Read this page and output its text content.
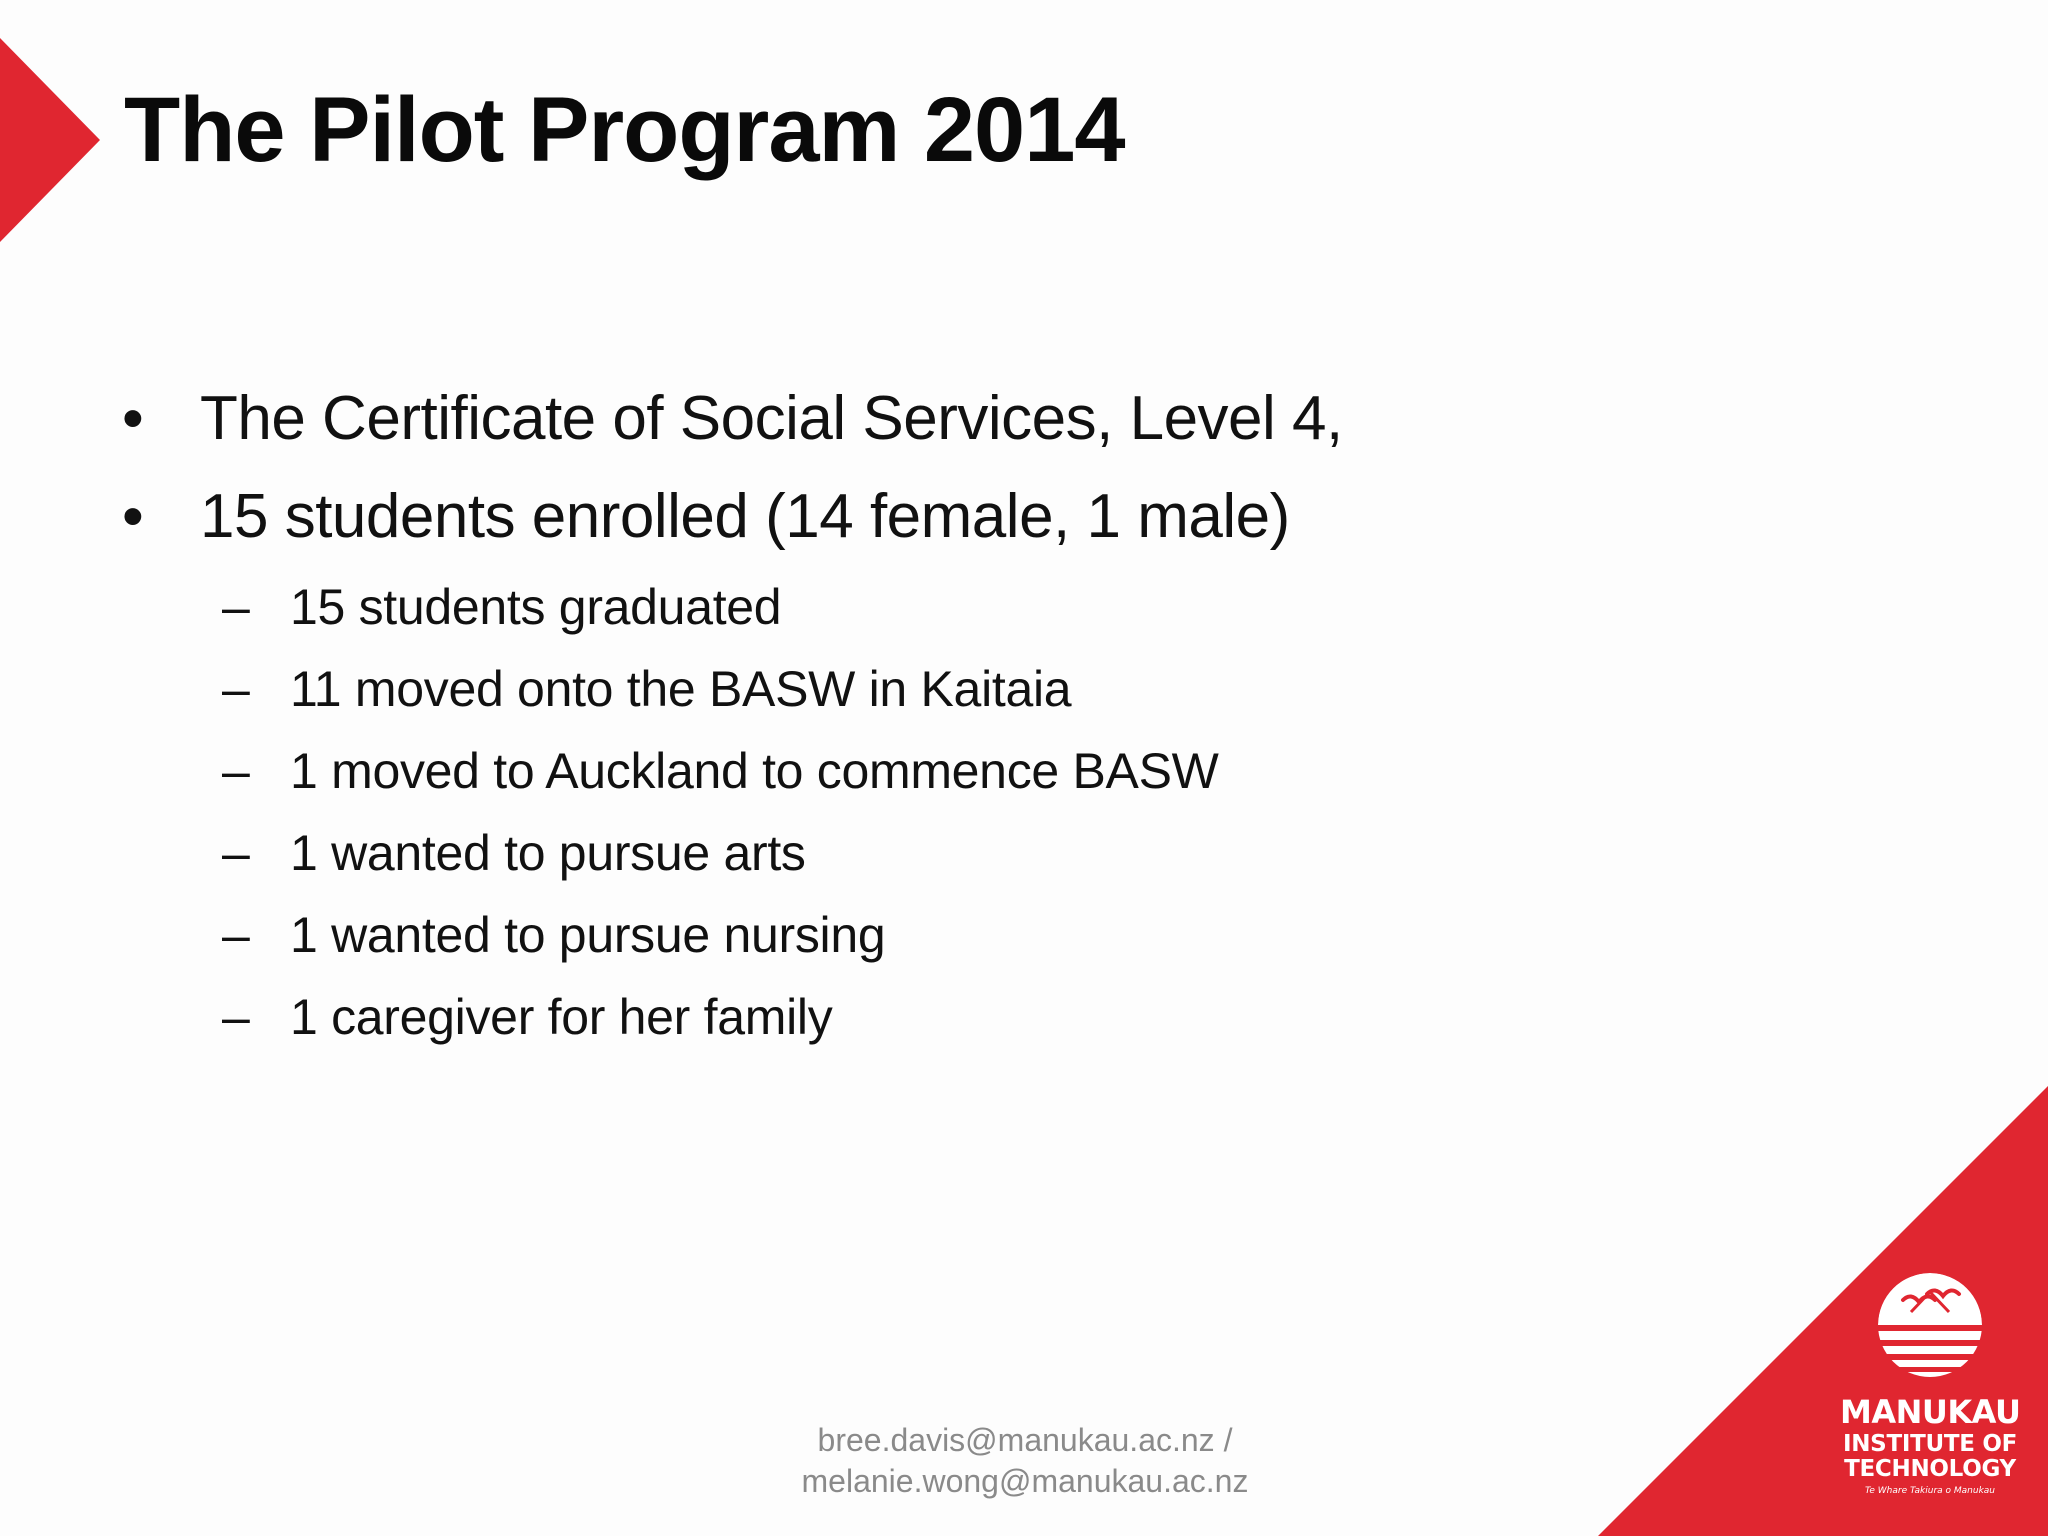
The Pilot Program 2014
• The Certificate of Social Services, Level 4,
• 15 students enrolled (14 female, 1 male)
– 15 students graduated
– 11 moved onto the BASW in Kaitaia
– 1 moved to Auckland to commence BASW
– 1 wanted to pursue arts
– 1 wanted to pursue nursing
– 1 caregiver for her family
bree.davis@manukau.ac.nz /
melanie.wong@manukau.ac.nz
MANUKAU
INSTITUTE OF
TECHNOLOGY
Te Whare Takiura o Manukau
